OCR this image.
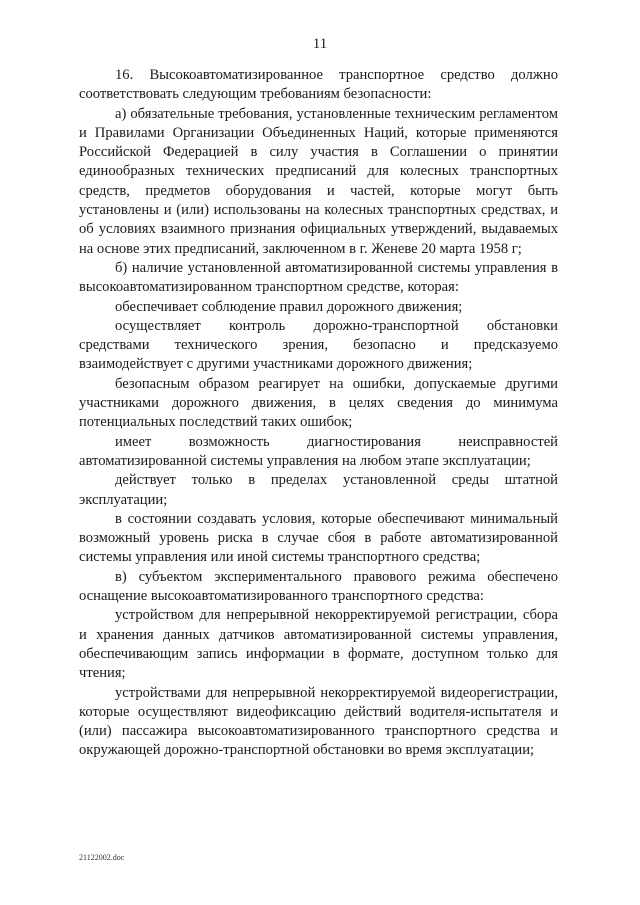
11

16. Высокоавтоматизированное транспортное средство должно соответствовать следующим требованиям безопасности:

а) обязательные требования, установленные техническим регламентом и Правилами Организации Объединенных Наций, которые применяются Российской Федерацией в силу участия в Соглашении о принятии единообразных технических предписаний для колесных транспортных средств, предметов оборудования и частей, которые могут быть установлены и (или) использованы на колесных транспортных средствах, и об условиях взаимного признания официальных утверждений, выдаваемых на основе этих предписаний, заключенном в г. Женеве 20 марта 1958 г;

б) наличие установленной автоматизированной системы управления в высокоавтоматизированном транспортном средстве, которая:

обеспечивает соблюдение правил дорожного движения;

осуществляет контроль дорожно-транспортной обстановки средствами технического зрения, безопасно и предсказуемо взаимодействует с другими участниками дорожного движения;

безопасным образом реагирует на ошибки, допускаемые другими участниками дорожного движения, в целях сведения до минимума потенциальных последствий таких ошибок;

имеет возможность диагностирования неисправностей автоматизированной системы управления на любом этапе эксплуатации;

действует только в пределах установленной среды штатной эксплуатации;

в состоянии создавать условия, которые обеспечивают минимальный возможный уровень риска в случае сбоя в работе автоматизированной системы управления или иной системы транспортного средства;

в) субъектом экспериментального правового режима обеспечено оснащение высокоавтоматизированного транспортного средства:

устройством для непрерывной некорректируемой регистрации, сбора и хранения данных датчиков автоматизированной системы управления, обеспечивающим запись информации в формате, доступном только для чтения;

устройствами для непрерывной некорректируемой видеорегистрации, которые осуществляют видеофиксацию действий водителя-испытателя и (или) пассажира высокоавтоматизированного транспортного средства и окружающей дорожно-транспортной обстановки во время эксплуатации;

21122002.doc
